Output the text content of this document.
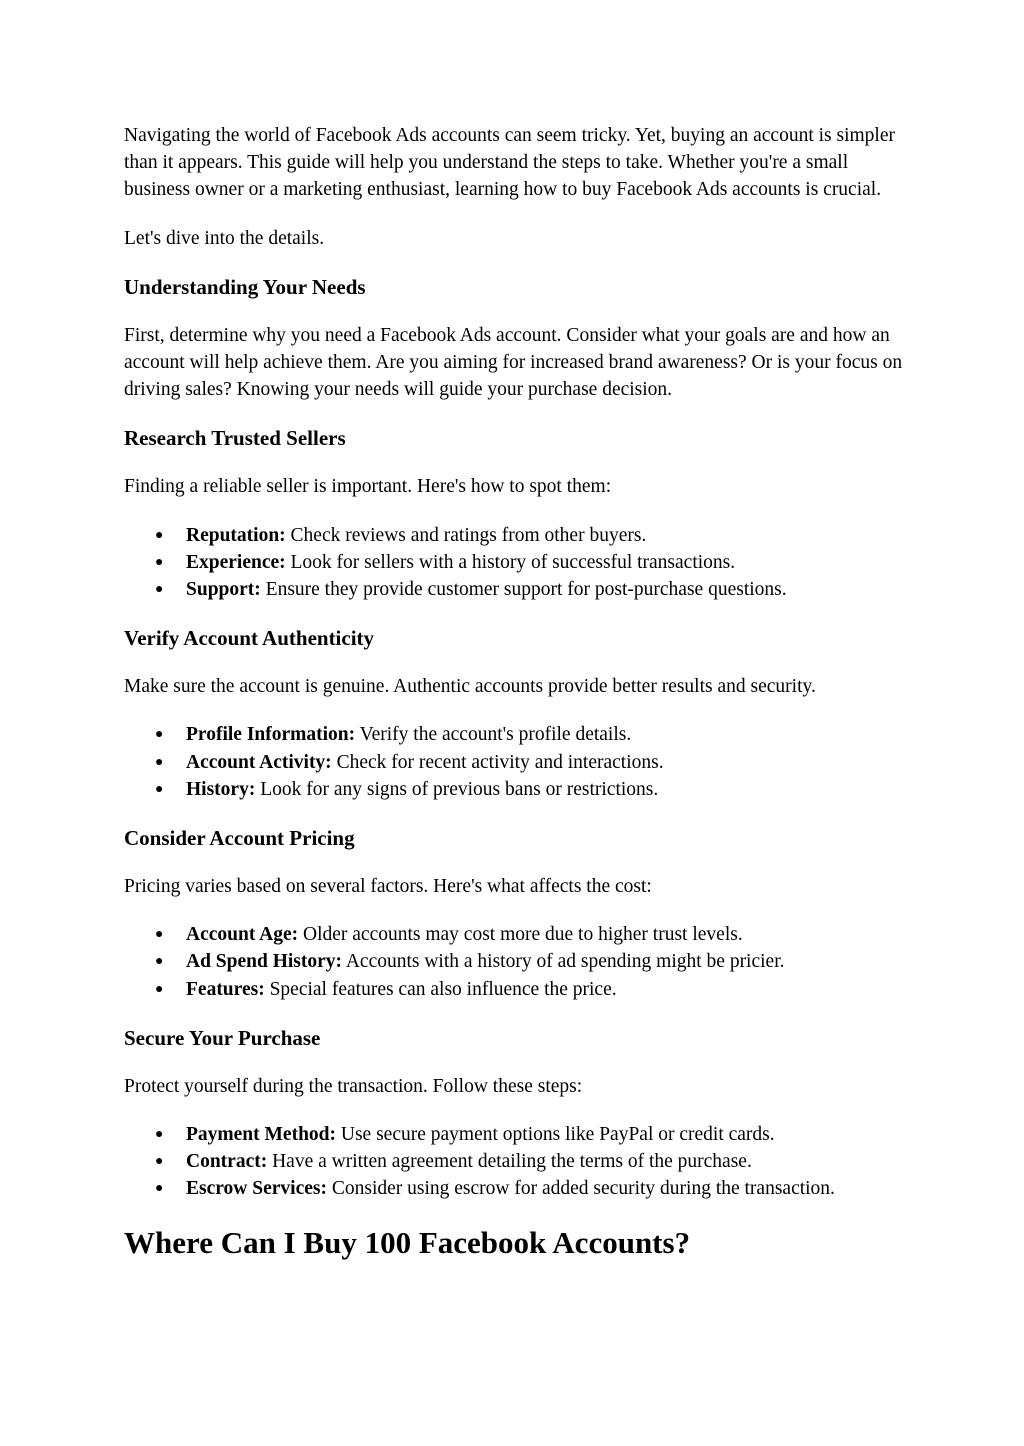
Navigating the world of Facebook Ads accounts can seem tricky. Yet, buying an account is simpler than it appears. This guide will help you understand the steps to take. Whether you're a small business owner or a marketing enthusiast, learning how to buy Facebook Ads accounts is crucial.

Let's dive into the details.

Understanding Your Needs

First, determine why you need a Facebook Ads account. Consider what your goals are and how an account will help achieve them. Are you aiming for increased brand awareness? Or is your focus on driving sales? Knowing your needs will guide your purchase decision.

Research Trusted Sellers

Finding a reliable seller is important. Here's how to spot them:

● Reputation: Check reviews and ratings from other buyers.
● Experience: Look for sellers with a history of successful transactions.
● Support: Ensure they provide customer support for post-purchase questions.
Verify Account Authenticity

Make sure the account is genuine. Authentic accounts provide better results and security.

● Profile Information: Verify the account's profile details.
● Account Activity: Check for recent activity and interactions.
● History: Look for any signs of previous bans or restrictions.
Consider Account Pricing

Pricing varies based on several factors. Here's what affects the cost:

● Account Age: Older accounts may cost more due to higher trust levels.
● Ad Spend History: Accounts with a history of ad spending might be pricier.
● Features: Special features can also influence the price.
Secure Your Purchase

Protect yourself during the transaction. Follow these steps:

● Payment Method: Use secure payment options like PayPal or credit cards.
● Contract: Have a written agreement detailing the terms of the purchase.
● Escrow Services: Consider using escrow for added security during the transaction.
Where Can I Buy 100 Facebook Accounts?
